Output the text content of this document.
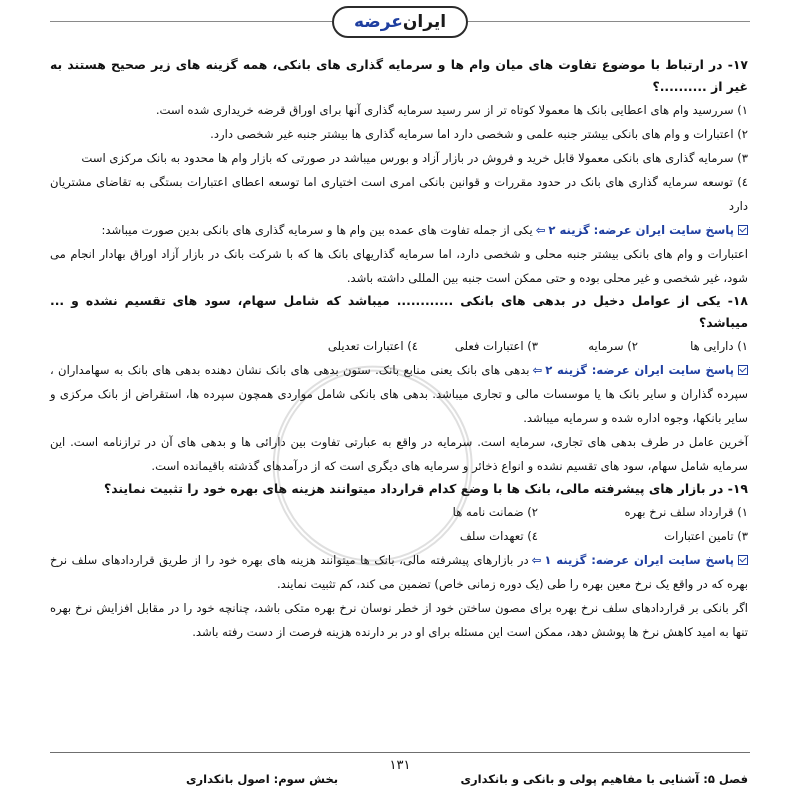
ایران
عرضه

۱۷- در ارتباط با موضوع تفاوت های میان وام ها و سرمایه گذاری های بانکی، همه گزینه های زیر صحیح هستند به غیر از ..........؟

۱) سررسید وام های اعطایی بانک ها معمولا کوتاه تر از سر رسید سرمایه گذاری آنها برای اوراق قرضه خریداری شده است.

۲) اعتبارات و وام های بانکی بیشتر جنبه علمی و شخصی دارد اما سرمایه گذاری ها بیشتر جنبه غیر شخصی دارد.

۳) سرمایه گذاری های بانکی معمولا قابل خرید و فروش در بازار آزاد و بورس میباشد در صورتی که بازار وام ها محدود به بانک مرکزی است

٤) توسعه سرمایه گذاری های بانک در حدود مقررات و قوانین بانکی امری است اختیاری اما توسعه اعطای اعتبارات بستگی به تقاضای مشتریان دارد

پاسخ سایت ایران عرضه: گزینه ۲⇦یکی از جمله تفاوت های عمده بین وام ها و سرمایه گذاری های بانکی بدین صورت میباشد:

اعتبارات و وام های بانکی بیشتر جنبه محلی و شخصی دارد، اما سرمایه گذاریهای بانک ها که با شرکت بانک در بازار آزاد اوراق بهادار انجام می شود، غیر شخصی و غیر محلی بوده و حتی ممکن است جنبه بین المللی داشته باشد.

۱۸- یکی از عوامل دخیل در بدهی های بانکی ............ میباشد که شامل سهام، سود های تقسیم نشده و ... میباشد؟

۱) دارایی ها
۲) سرمایه
۳) اعتبارات فعلی
٤) اعتبارات تعدیلی

پاسخ سایت ایران عرضه: گزینه ۲⇦بدهی های بانک یعنی منابع بانک. ستون بدهی های بانک نشان دهنده بدهی های بانک به سهامداران ، سپرده گذاران و سایر بانک ها یا موسسات مالی و تجاری میباشد. بدهی های بانکی شامل مواردی همچون سپرده ها، استقراض از بانک مرکزی و سایر بانکها، وجوه اداره شده و سرمایه میباشد.

آخرین عامل در طرف بدهی های تجاری، سرمایه است. سرمایه در واقع به عبارتی تفاوت بین دارائی ها و بدهی های آن در ترازنامه است. این سرمایه شامل سهام، سود های تقسیم نشده و انواع ذخائر و سرمایه های دیگری است که از درآمدهای گذشته باقیمانده است.

۱۹- در بازار های پیشرفته مالی، بانک ها با وضع کدام قرارداد میتوانند هزینه های بهره خود را تثبیت نمایند؟

۱) قرارداد سلف نرخ بهره
۲) ضمانت نامه ها
۳) تامین اعتبارات
٤) تعهدات سلف

پاسخ سایت ایران عرضه: گزینه ۱⇦در بازارهای پیشرفته مالی، بانک ها میتوانند هزینه های بهره خود را از طریق قراردادهای سلف نرخ بهره که در واقع یک نرخ معین بهره را طی (یک دوره زمانی خاص) تضمین می کند، کم تثبیت نمایند.

اگر بانکی بر قراردادهای سلف نرخ بهره برای مصون ساختن خود از خطر نوسان نرخ بهره متکی باشد، چنانچه خود را در مقابل افزایش نرخ بهره تنها به امید کاهش نرخ ها پوشش دهد، ممکن است این مسئله برای او در بر دارنده هزینه فرصت از دست رفته باشد.

۱۳۱
فصل ۵: آشنایی با مفاهیم پولی و بانکی و بانکداری
بخش سوم: اصول بانکداری
